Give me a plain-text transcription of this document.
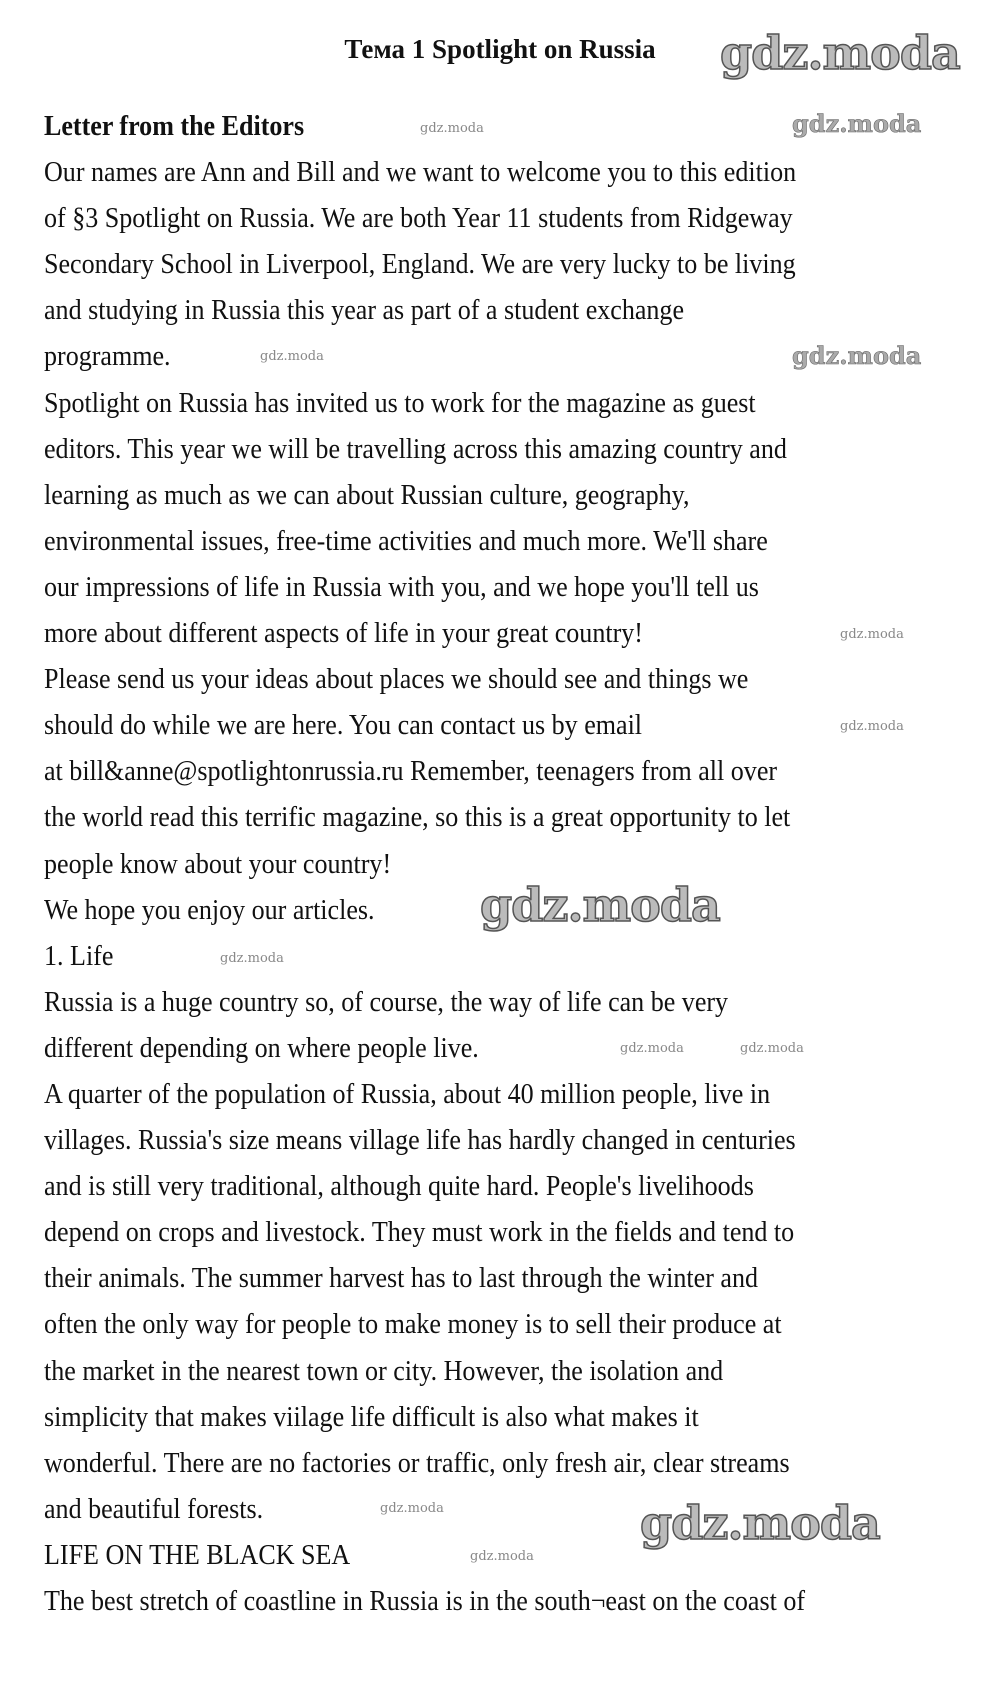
Тема 1 Spotlight on Russia
Letter from the Editors
Our names are Ann and Bill and we want to welcome you to this edition
of §3 Spotlight on Russia. We are both Year 11 students from Ridgeway
Secondary School in Liverpool, England. We are very lucky to be living
and studying in Russia this year as part of a student exchange
programme.
Spotlight on Russia has invited us to work for the magazine as guest
editors. This year we will be travelling across this amazing country and
learning as much as we can about Russian culture, geography,
environmental issues, free-time activities and much more. We'll share
our impressions of life in Russia with you, and we hope you'll tell us
more about different aspects of life in your great country!
Please send us your ideas about places we should see and things we
should do while we are here. You can contact us by email
at bill&anne@spotlightonrussia.ru Remember, teenagers from all over
the world read this terrific magazine, so this is a great opportunity to let
people know about your country!
We hope you enjoy our articles.
1. Life
Russia is a huge country so, of course, the way of life can be very
different depending on where people live.
A quarter of the population of Russia, about 40 million people, live in
villages. Russia's size means village life has hardly changed in centuries
and is still very traditional, although quite hard. People's livelihoods
depend on crops and livestock. They must work in the fields and tend to
their animals. The summer harvest has to last through the winter and
often the only way for people to make money is to sell their produce at
the market in the nearest town or city. However, the isolation and
simplicity that makes viilage life difficult is also what makes it
wonderful. There are no factories or traffic, only fresh air, clear streams
and beautiful forests.
LIFE ON THE BLACK SEA
The best stretch of coastline in Russia is in the south¬east on the coast of
gdz.moda
gdz.moda
gdz.moda
gdz.moda
gdz.moda
gdz.moda
gdz.moda
gdz.moda
gdz.moda
gdz.moda
gdz.moda	gdz.moda
gdz.moda
gdz.moda
